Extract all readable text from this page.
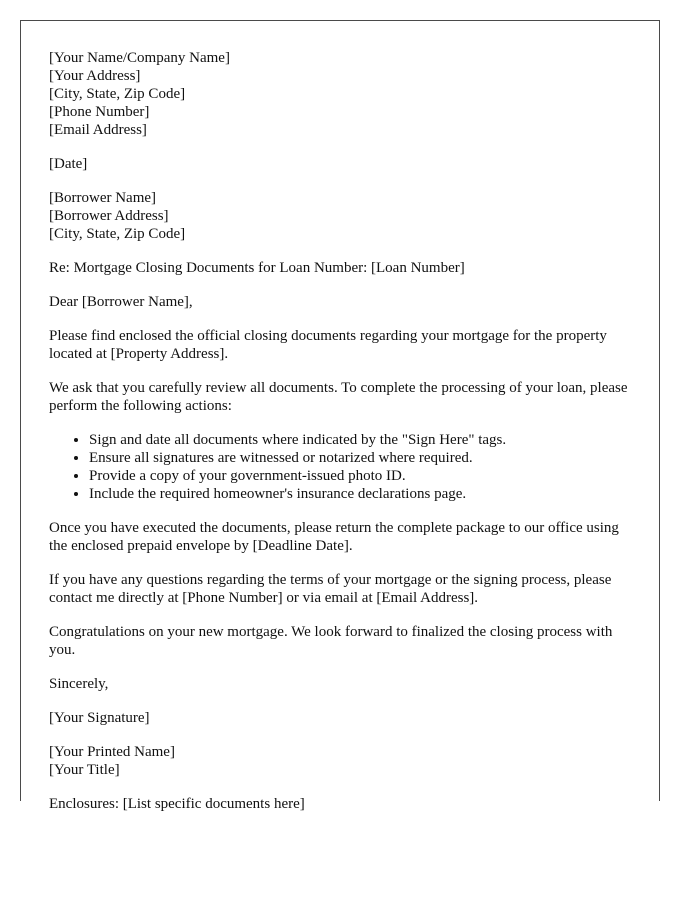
[Your Name/Company Name]
[Your Address]
[City, State, Zip Code]
[Phone Number]
[Email Address]
[Date]
[Borrower Name]
[Borrower Address]
[City, State, Zip Code]
Re: Mortgage Closing Documents for Loan Number: [Loan Number]
Dear [Borrower Name],
Please find enclosed the official closing documents regarding your mortgage for the property located at [Property Address].
We ask that you carefully review all documents. To complete the processing of your loan, please perform the following actions:
• Sign and date all documents where indicated by the "Sign Here" tags.
• Ensure all signatures are witnessed or notarized where required.
• Provide a copy of your government-issued photo ID.
• Include the required homeowner's insurance declarations page.
Once you have executed the documents, please return the complete package to our office using the enclosed prepaid envelope by [Deadline Date].
If you have any questions regarding the terms of your mortgage or the signing process, please contact me directly at [Phone Number] or via email at [Email Address].
Congratulations on your new mortgage. We look forward to finalized the closing process with you.
Sincerely,
[Your Signature]
[Your Printed Name]
[Your Title]
Enclosures: [List specific documents here]
